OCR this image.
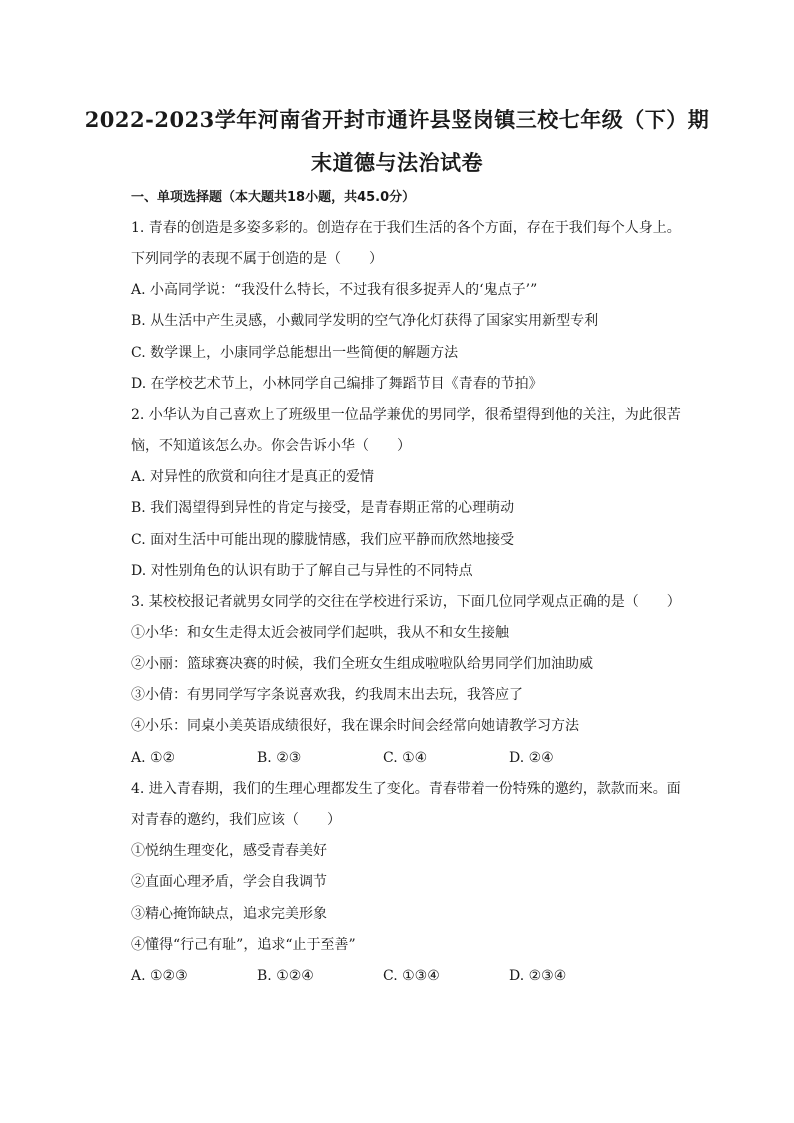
2022-2023学年河南省开封市通许县竖岗镇三校七年级（下）期
末道德与法治试卷
一、单项选择题（本大题共18小题，共45.0分）
1. 青春的创造是多姿多彩的。创造存在于我们生活的各个方面，存在于我们每个人身上。
下列同学的表现不属于创造的是（　　）
A. 小高同学说：“我没什么特长，不过我有很多捉弄人的‘鬼点子’”
B. 从生活中产生灵感，小戴同学发明的空气净化灯获得了国家实用新型专利
C. 数学课上，小康同学总能想出一些简便的解题方法
D. 在学校艺术节上，小林同学自己编排了舞蹈节目《青春的节拍》
2. 小华认为自己喜欢上了班级里一位品学兼优的男同学，很希望得到他的关注，为此很苦
恼，不知道该怎么办。你会告诉小华（　　）
A. 对异性的欣赏和向往才是真正的爱情
B. 我们渴望得到异性的肯定与接受，是青春期正常的心理萌动
C. 面对生活中可能出现的朦胧情感，我们应平静而欣然地接受
D. 对性别角色的认识有助于了解自己与异性的不同特点
3. 某校校报记者就男女同学的交往在学校进行采访，下面几位同学观点正确的是（　　）
①小华：和女生走得太近会被同学们起哄，我从不和女生接触
②小丽：篮球赛决赛的时候，我们全班女生组成啦啦队给男同学们加油助威
③小倩：有男同学写字条说喜欢我，约我周末出去玩，我答应了
④小乐：同桌小美英语成绩很好，我在课余时间会经常向她请教学习方法
A. ①②	B. ②③	C. ①④	D. ②④
4. 进入青春期，我们的生理心理都发生了变化。青春带着一份特殊的邀约，款款而来。面
对青春的邀约，我们应该（　　）
①悦纳生理变化，感受青春美好
②直面心理矛盾，学会自我调节
③精心掩饰缺点，追求完美形象
④懂得“行己有耻”，追求“止于至善”
A. ①②③	B. ①②④	C. ①③④	D. ②③④
